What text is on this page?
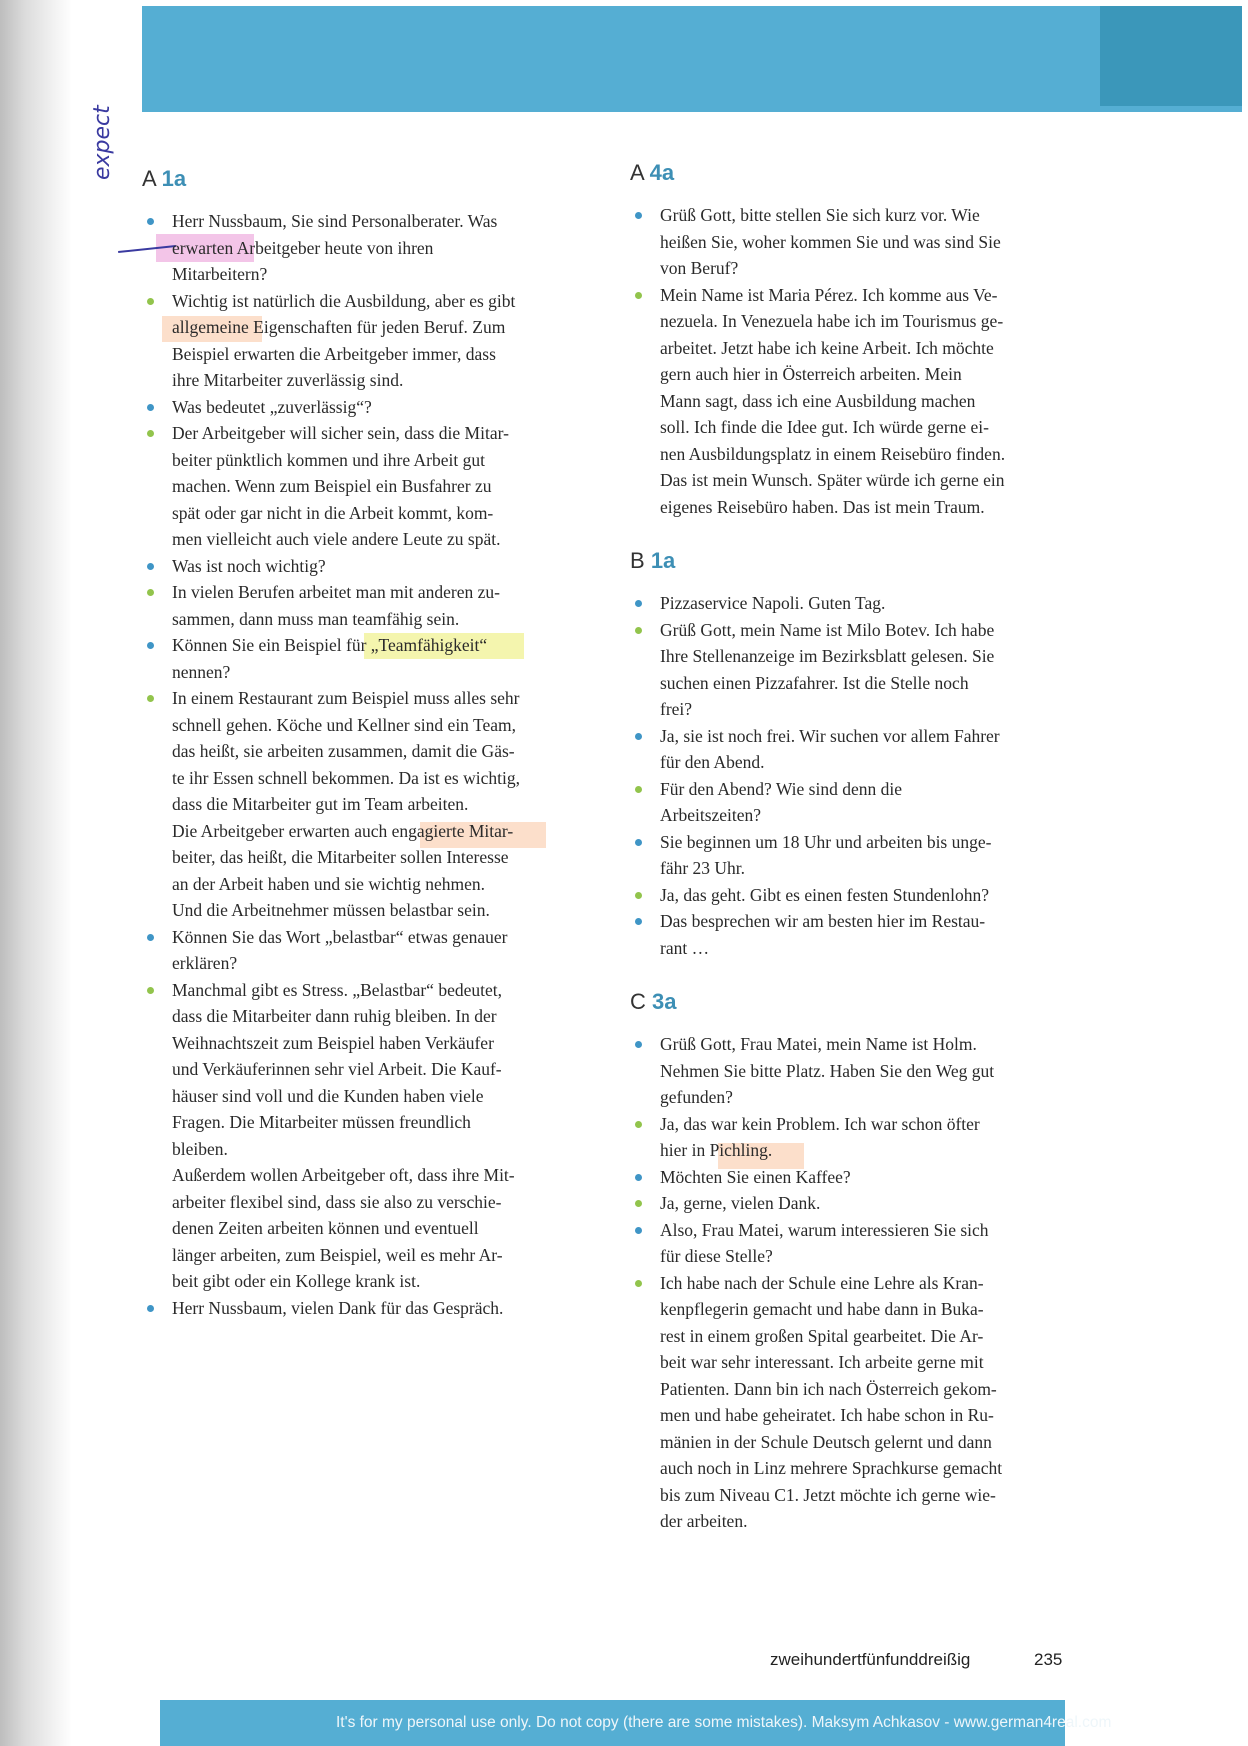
expect A 1a
Herr Nussbaum, Sie sind Personalberater. Was
erwarten Arbeitgeber heute von ihren
Mitarbeitern?
Wichtig ist natürlich die Ausbildung, aber es gibt
allgemeine Eigenschaften für jeden Beruf. Zum
Beispiel erwarten die Arbeitgeber immer, dass
ihre Mitarbeiter zuverlässig sind.
Was bedeutet „zuverlässig“?
Der Arbeitgeber will sicher sein, dass die Mitar-
beiter pünktlich kommen und ihre Arbeit gut
machen. Wenn zum Beispiel ein Busfahrer zu
spät oder gar nicht in die Arbeit kommt, kom-
men vielleicht auch viele andere Leute zu spät.
Was ist noch wichtig?
In vielen Berufen arbeitet man mit anderen zu-
sammen, dann muss man teamfähig sein.
Können Sie ein Beispiel für „Teamfähigkeit“
nennen?
In einem Restaurant zum Beispiel muss alles sehr
schnell gehen. Köche und Kellner sind ein Team,
das heißt, sie arbeiten zusammen, damit die Gäs-
te ihr Essen schnell bekommen. Da ist es wichtig,
dass die Mitarbeiter gut im Team arbeiten.
Die Arbeitgeber erwarten auch engagierte Mitar-
beiter, das heißt, die Mitarbeiter sollen Interesse
an der Arbeit haben und sie wichtig nehmen.
Und die Arbeitnehmer müssen belastbar sein.
Können Sie das Wort „belastbar“ etwas genauer
erklären?
Manchmal gibt es Stress. „Belastbar“ bedeutet,
dass die Mitarbeiter dann ruhig bleiben. In der
Weihnachtszeit zum Beispiel haben Verkäufer
und Verkäuferinnen sehr viel Arbeit. Die Kauf-
häuser sind voll und die Kunden haben viele
Fragen. Die Mitarbeiter müssen freundlich
bleiben.
Außerdem wollen Arbeitgeber oft, dass ihre Mit-
arbeiter flexibel sind, dass sie also zu verschie-
denen Zeiten arbeiten können und eventuell
länger arbeiten, zum Beispiel, weil es mehr Ar-
beit gibt oder ein Kollege krank ist.
Herr Nussbaum, vielen Dank für das Gespräch.
A 4a
Grüß Gott, bitte stellen Sie sich kurz vor. Wie
heißen Sie, woher kommen Sie und was sind Sie
von Beruf?
Mein Name ist Maria Pérez. Ich komme aus Ve-
nezuela. In Venezuela habe ich im Tourismus ge-
arbeitet. Jetzt habe ich keine Arbeit. Ich möchte
gern auch hier in Österreich arbeiten. Mein
Mann sagt, dass ich eine Ausbildung machen
soll. Ich finde die Idee gut. Ich würde gerne ei-
nen Ausbildungsplatz in einem Reisebüro finden.
Das ist mein Wunsch. Später würde ich gerne ein
eigenes Reisebüro haben. Das ist mein Traum.
B 1a
Pizzaservice Napoli. Guten Tag.
Grüß Gott, mein Name ist Milo Botev. Ich habe
Ihre Stellenanzeige im Bezirksblatt gelesen. Sie
suchen einen Pizzafahrer. Ist die Stelle noch
frei?
Ja, sie ist noch frei. Wir suchen vor allem Fahrer
für den Abend.
Für den Abend? Wie sind denn die
Arbeitszeiten?
Sie beginnen um 18 Uhr und arbeiten bis unge-
fähr 23 Uhr.
Ja, das geht. Gibt es einen festen Stundenlohn?
Das besprechen wir am besten hier im Restau-
rant …
C 3a
Grüß Gott, Frau Matei, mein Name ist Holm.
Nehmen Sie bitte Platz. Haben Sie den Weg gut
gefunden?
Ja, das war kein Problem. Ich war schon öfter
hier in Pichling.
Möchten Sie einen Kaffee?
Ja, gerne, vielen Dank.
Also, Frau Matei, warum interessieren Sie sich
für diese Stelle?
Ich habe nach der Schule eine Lehre als Kran-
kenpflegerin gemacht und habe dann in Buka-
rest in einem großen Spital gearbeitet. Die Ar-
beit war sehr interessant. Ich arbeite gerne mit
Patienten. Dann bin ich nach Österreich gekom-
men und habe geheiratet. Ich habe schon in Ru-
mänien in der Schule Deutsch gelernt und dann
auch noch in Linz mehrere Sprachkurse gemacht
bis zum Niveau C1. Jetzt möchte ich gerne wie-
der arbeiten.
zweihundertfünfunddreißig	235
It's for my personal use only. Do not copy (there are some mistakes). Maksym Achkasov - www.german4real.com
